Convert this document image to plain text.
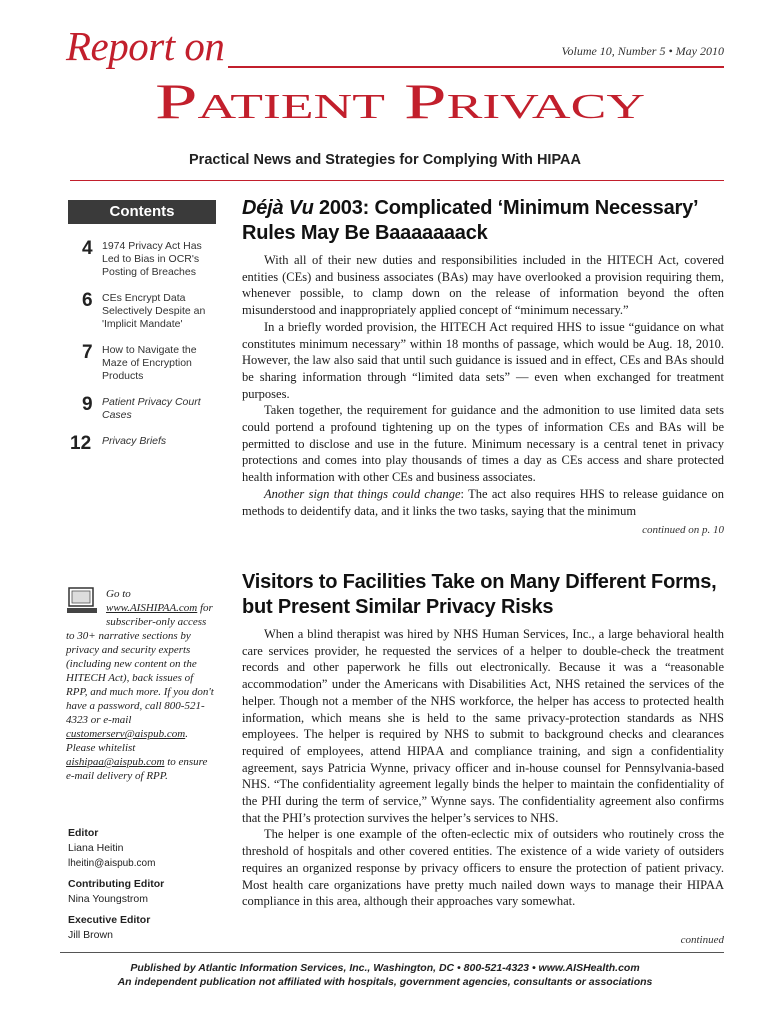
Report on	Volume 10, Number 5 • May 2010
Patient Privacy
Practical News and Strategies for Complying With HIPAA
Contents
4 1974 Privacy Act Has Led to Bias in OCR's Posting of Breaches
6 CEs Encrypt Data Selectively Despite an 'Implicit Mandate'
7 How to Navigate the Maze of Encryption Products
9 Patient Privacy Court Cases
12	Privacy Briefs
Go to www.AISHIPAA.com for subscriber-only access to 30+ narrative sections by privacy and security experts (including new content on the HITECH Act), back issues of RPP, and much more. If you don't have a password, call 800-521-4323 or e-mail customerserv@aispub.com. Please whitelist aishipaa@aispub.com to ensure e-mail delivery of RPP.
Editor
Liana Heitin
lheitin@aispub.com
Contributing Editor
Nina Youngstrom
Executive Editor
Jill Brown
Déjà Vu 2003: Complicated ‘Minimum Necessary’ Rules May Be Baaaaaaack

With all of their new duties and responsibilities included in the HITECH Act, covered entities (CEs) and business associates (BAs) may have overlooked a provision requiring them, whenever possible, to clamp down on the release of information beyond the often misunderstood and inappropriately applied concept of “minimum necessary.”

In a briefly worded provision, the HITECH Act required HHS to issue “guidance on what constitutes minimum necessary” within 18 months of passage, which would be Aug. 18, 2010. However, the law also said that until such guidance is issued and in effect, CEs and BAs should be sharing information through “limited data sets” — even when exchanged for treatment purposes.

Taken together, the requirement for guidance and the admonition to use limited data sets could portend a profound tightening up on the types of information CEs and BAs will be permitted to disclose and use in the future. Minimum necessary is a central tenet in privacy protections and comes into play thousands of times a day as CEs access and share protected health information with other CEs and business associates.

Another sign that things could change: The act also requires HHS to release guidance on methods to deidentify data, and it links the two tasks, saying that the minimum

continued on p. 10
Visitors to Facilities Take on Many Different Forms, but Present Similar Privacy Risks

When a blind therapist was hired by NHS Human Services, Inc., a large behavioral health care services provider, he requested the services of a helper to double-check the treatment records and other paperwork he fills out electronically. Because it was a “reasonable accommodation” under the Americans with Disabilities Act, NHS retained the services of the helper. Though not a member of the NHS workforce, the helper has access to protected health information, which means she is held to the same privacy-protection standards as NHS employees. The helper is required by NHS to submit to background checks and clearances required of employees, attend HIPAA and compliance training, and sign a confidentiality agreement, says Patricia Wynne, privacy officer and in-house counsel for Pennsylvania-based NHS. “The confidentiality agreement legally binds the helper to maintain the confidentiality of the PHI during the term of service,” Wynne says. The confidentiality agreement also confirms that the PHI’s protection survives the helper’s services to NHS.

The helper is one example of the often-eclectic mix of outsiders who routinely cross the threshold of hospitals and other covered entities. The existence of a wide variety of outsiders requires an organized response by privacy officers to ensure the protection of patient privacy. Most health care organizations have pretty much nailed down ways to manage their HIPAA compliance in this area, although their approaches vary somewhat.

continued
Published by Atlantic Information Services, Inc., Washington, DC • 800-521-4323 • www.AISHealth.com
An independent publication not affiliated with hospitals, government agencies, consultants or associations
